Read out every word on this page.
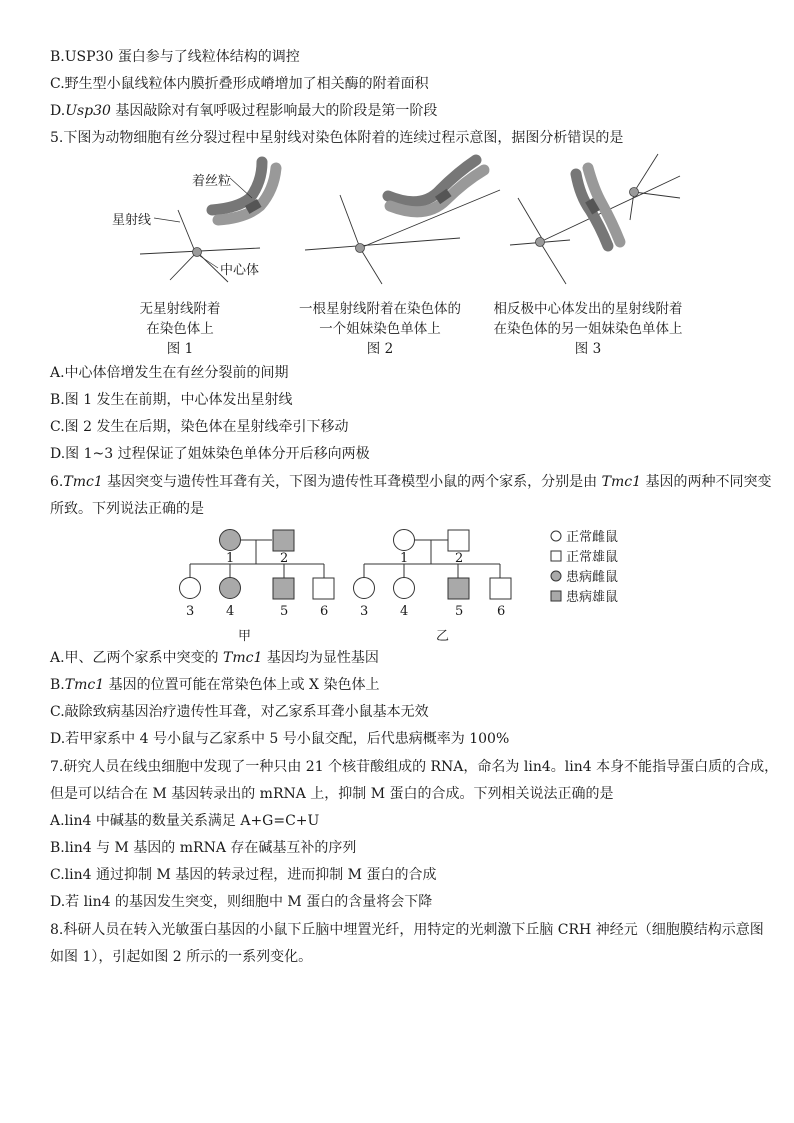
B.USP30 蛋白参与了线粒体结构的调控
C.野生型小鼠线粒体内膜折叠形成嵴增加了相关酶的附着面积
D.Usp30 基因敲除对有氧呼吸过程影响最大的阶段是第一阶段
5.下图为动物细胞有丝分裂过程中星射线对染色体附着的连续过程示意图，据图分析错误的是
着丝粒
星射线
中心体
无星射线附着
在染色体上
图 1
一根星射线附着在染色体的
一个姐妹染色单体上
图 2
相反极中心体发出的星射线附着
在染色体的另一姐妹染色单体上
图 3
A.中心体倍增发生在有丝分裂前的间期
B.图 1 发生在前期，中心体发出星射线
C.图 2 发生在后期，染色体在星射线牵引下移动
D.图 1~3 过程保证了姐妹染色单体分开后移向两极
6.Tmc1 基因突变与遗传性耳聋有关，下图为遗传性耳聋模型小鼠的两个家系，分别是由 Tmc1 基因的两种不同突变
所致。下列说法正确的是
1	2
3 4	5 6
甲
1	2
3 4	5	6
乙
正常雌鼠
正常雄鼠
患病雌鼠
患病雄鼠
A.甲、乙两个家系中突变的 Tmc1 基因均为显性基因
B.Tmc1 基因的位置可能在常染色体上或 X 染色体上
C.敲除致病基因治疗遗传性耳聋，对乙家系耳聋小鼠基本无效
D.若甲家系中 4 号小鼠与乙家系中 5 号小鼠交配，后代患病概率为 100%
7.研究人员在线虫细胞中发现了一种只由 21 个核苷酸组成的 RNA，命名为 lin4。lin4 本身不能指导蛋白质的合成，
但是可以结合在 M 基因转录出的 mRNA 上，抑制 M 蛋白的合成。下列相关说法正确的是
A.lin4 中碱基的数量关系满足 A+G=C+U
B.lin4 与 M 基因的 mRNA 存在碱基互补的序列
C.lin4 通过抑制 M 基因的转录过程，进而抑制 M 蛋白的合成
D.若 lin4 的基因发生突变，则细胞中 M 蛋白的含量将会下降
8.科研人员在转入光敏蛋白基因的小鼠下丘脑中埋置光纤，用特定的光刺激下丘脑 CRH 神经元（细胞膜结构示意图
如图 1），引起如图 2 所示的一系列变化。
